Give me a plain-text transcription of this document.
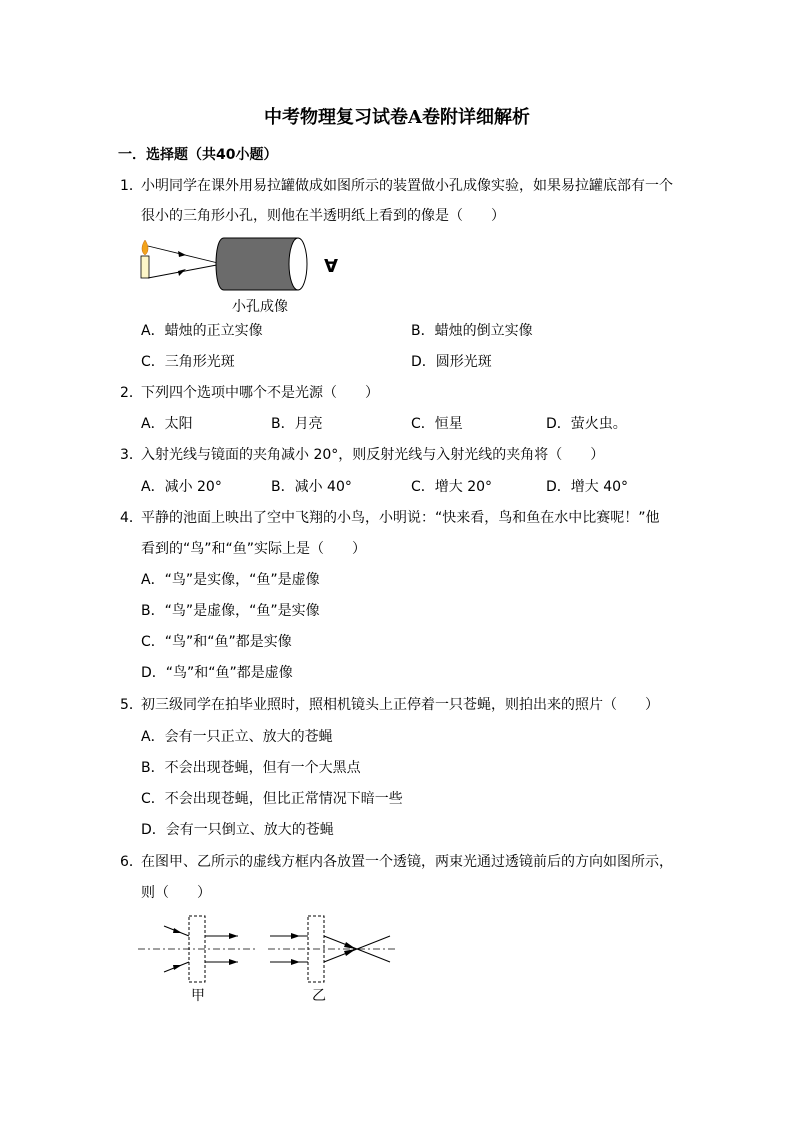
中考物理复习试卷A卷附详细解析
一．选择题（共40小题）
1．
小明同学在课外用易拉罐做成如图所示的装置做小孔成像实验，如果易拉罐底部有一个
很小的三角形小孔，则他在半透明纸上看到的像是（　　）
A
小孔成像
A．蜡烛的正立实像	B．蜡烛的倒立实像
C．三角形光斑	D．圆形光斑
2．
下列四个选项中哪个不是光源（　　）
A．太阳	B．月亮	C．恒星	D．萤火虫。
3．
入射光线与镜面的夹角减小 20°，则反射光线与入射光线的夹角将（　　）
A．减小 20°	B．减小 40°	C．增大 20°	D．增大 40°
4．
平静的池面上映出了空中飞翔的小鸟，小明说：“快来看，鸟和鱼在水中比赛呢！”他
看到的“鸟”和“鱼”实际上是（　　）
A．“鸟”是实像，“鱼”是虚像
B．“鸟”是虚像，“鱼”是实像
C．“鸟”和“鱼”都是实像
D．“鸟”和“鱼”都是虚像
5．
初三级同学在拍毕业照时，照相机镜头上正停着一只苍蝇，则拍出来的照片（　　）
A．会有一只正立、放大的苍蝇
B．不会出现苍蝇，但有一个大黑点
C．不会出现苍蝇，但比正常情况下暗一些
D．会有一只倒立、放大的苍蝇
6．
在图甲、乙所示的虚线方框内各放置一个透镜，两束光通过透镜前后的方向如图所示，
则（　　）
甲	乙
